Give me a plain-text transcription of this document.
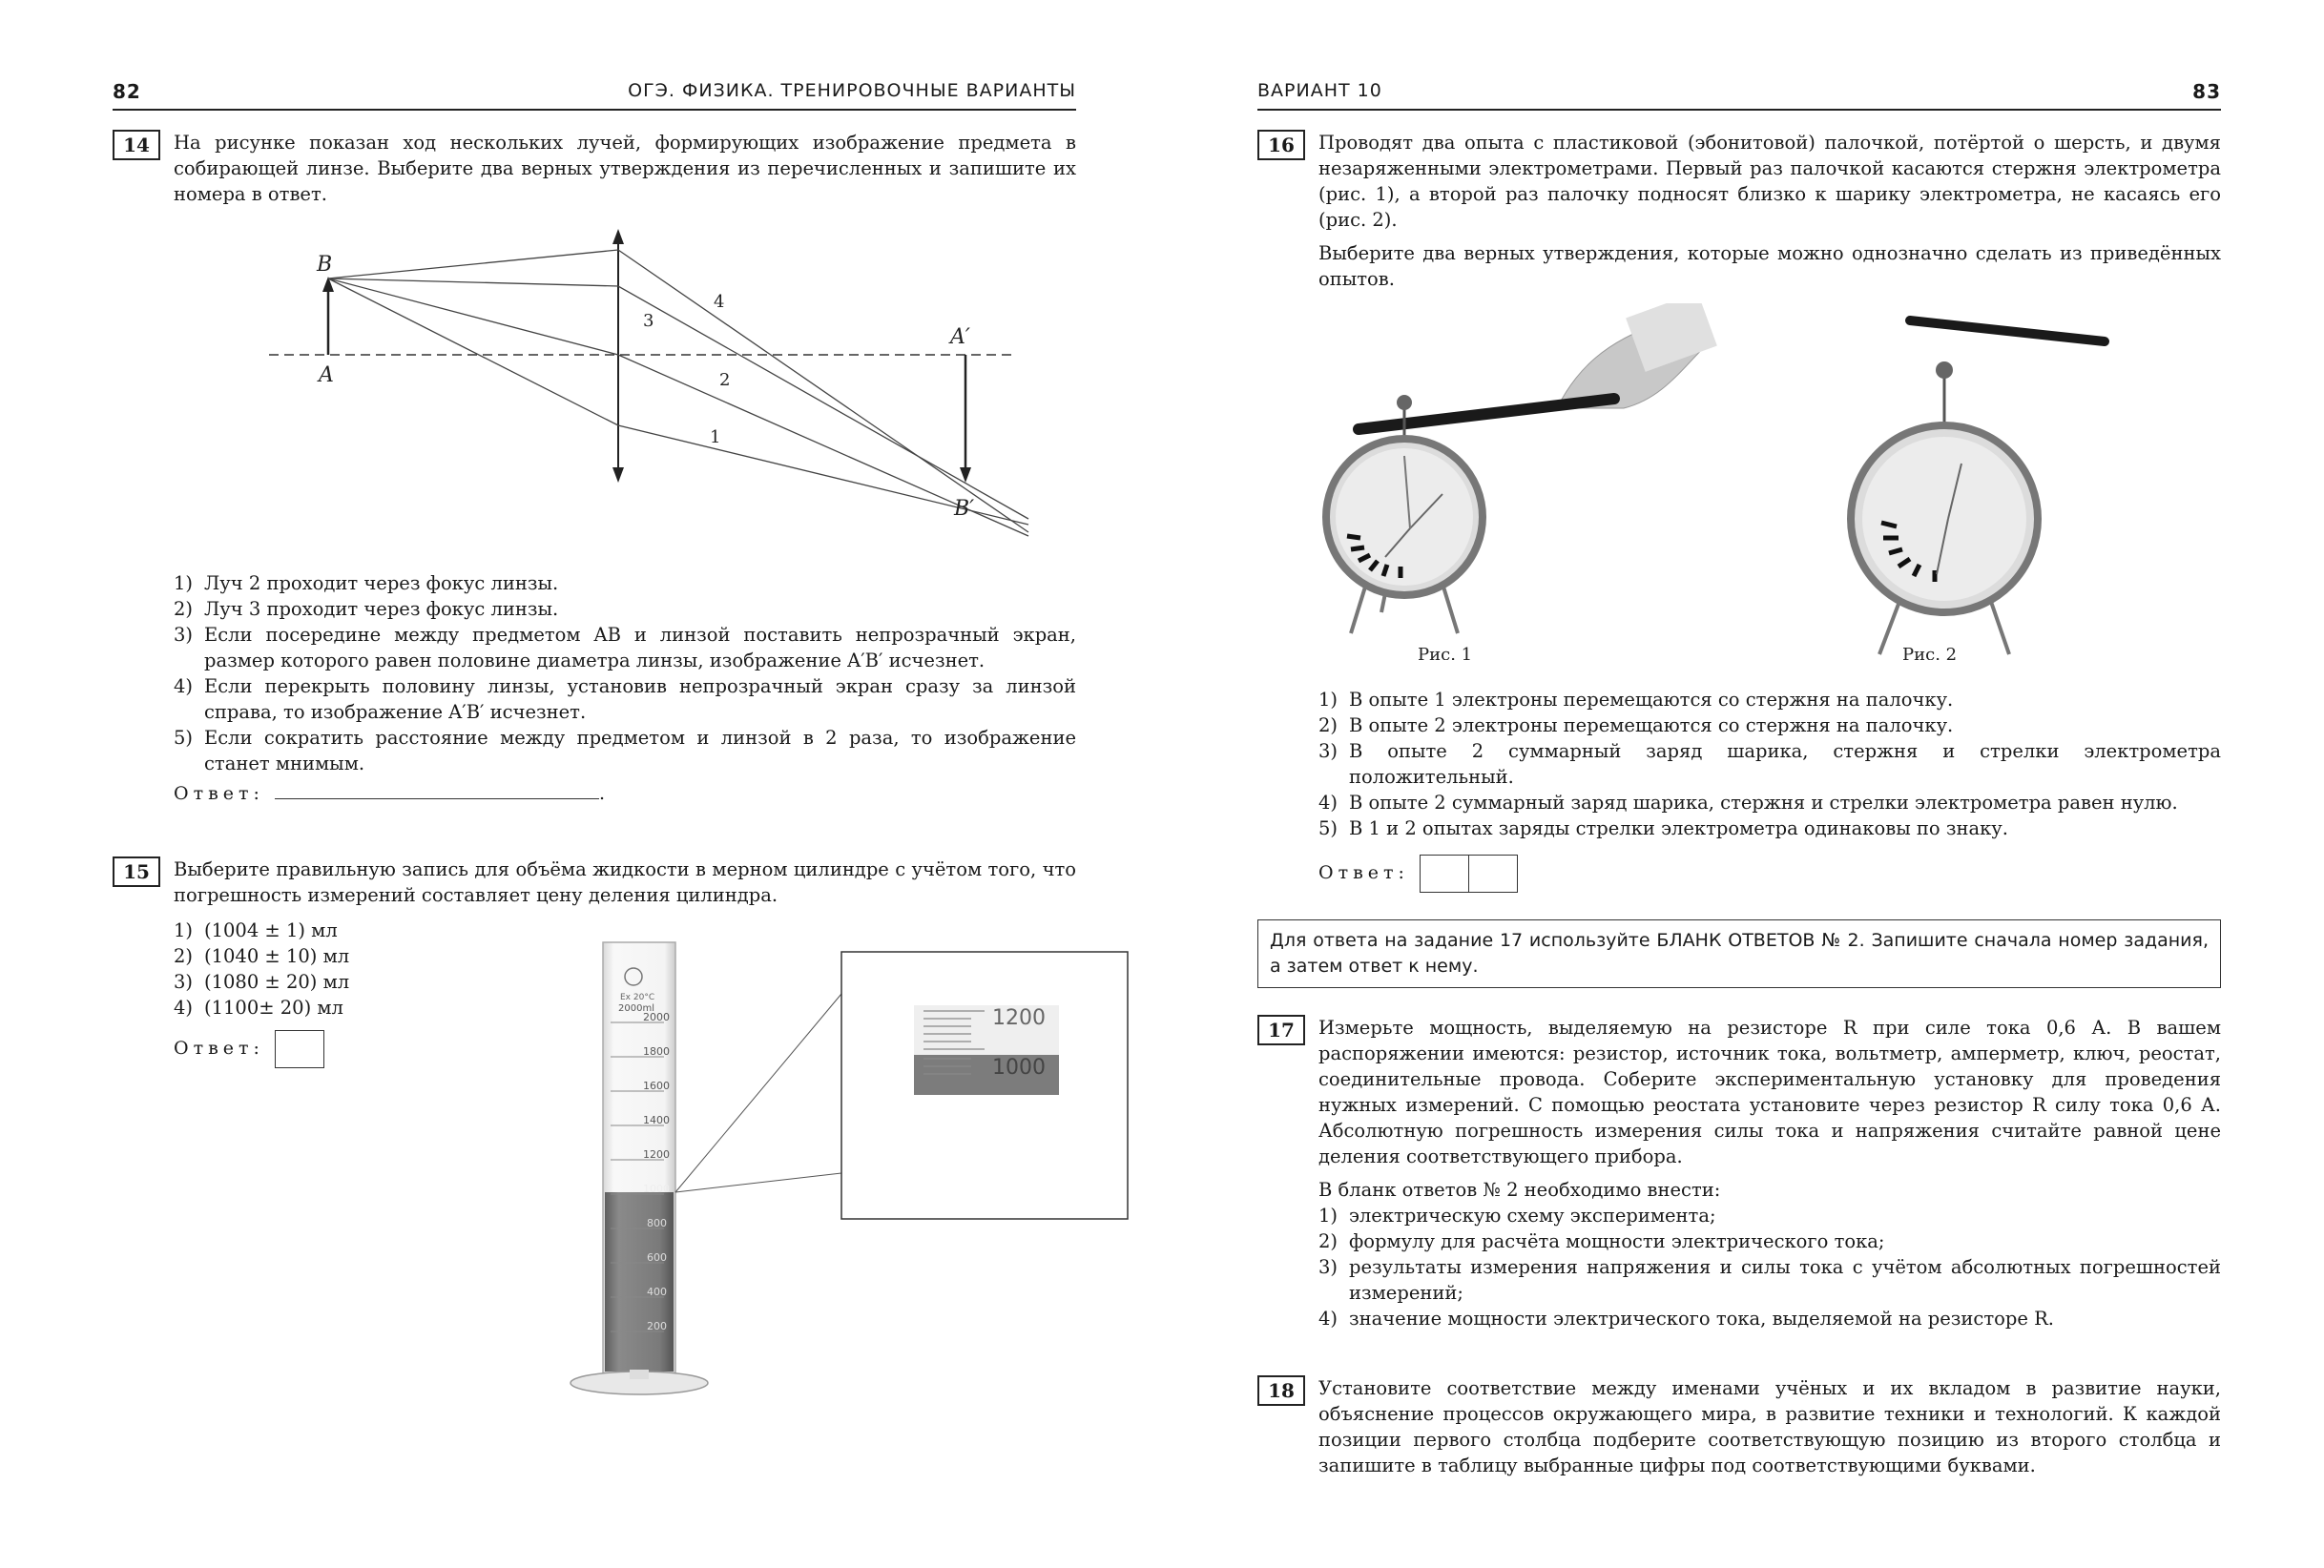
82	ОГЭ. ФИЗИКА. ТРЕНИРОВОЧНЫЕ ВАРИАНТЫ
14	На рисунке показан ход нескольких лучей, формирующих изображение предмета в собирающей линзе. Выберите два верных утверждения из перечисленных и запишите их номера в ответ.
B
A
A′
B′
4
3
2
1
1) Луч 2 проходит через фокус линзы.
2) Луч 3 проходит через фокус линзы.
3) Если посередине между предметом AB и линзой поставить непрозрачный экран, размер которого равен половине диаметра линзы, изображение A′B′ исчезнет.
4) Если перекрыть половину линзы, установив непрозрачный экран сразу за линзой справа, то изображение A′B′ исчезнет.
5) Если сократить расстояние между предметом и линзой в 2 раза, то изображение станет мнимым.
Ответ:	.
15	Выберите правильную запись для объёма жидкости в мерном цилиндре с учётом того, что погрешность измерений составляет цену деления цилиндра.
1) (1004 ± 1) мл
2) (1040 ± 10) мл
3) (1080 ± 20) мл
4) (1100± 20) мл
Ответ:
Ex 20°C
2000ml
2000
1800
1600
1400
1200
1000
800
600
400
200
1200
1000
ВАРИАНТ 10	83
16	Проводят два опыта с пластиковой (эбонитовой) палочкой, потёртой о шерсть, и двумя незаряженными электрометрами. Первый раз палочкой касаются стержня электрометра (рис. 1), а второй раз палочку подносят близко к шарику электрометра, не касаясь его (рис. 2).

Выберите два верных утверждения, которые можно однозначно сделать из приведённых опытов.

Рис. 1	Рис. 2
1) В опыте 1 электроны перемещаются со стержня на палочку.
2) В опыте 2 электроны перемещаются со стержня на палочку.
3) В опыте 2 суммарный заряд шарика, стержня и стрелки электрометра положительный.
4) В опыте 2 суммарный заряд шарика, стержня и стрелки электрометра равен нулю.
5) В 1 и 2 опытах заряды стрелки электрометра одинаковы по знаку.
Ответ:
Для ответа на задание 17 используйте БЛАНК ОТВЕТОВ № 2. Запишите сначала номер задания, а затем ответ к нему.
17	Измерьте мощность, выделяемую на резисторе R при силе тока 0,6 А. В вашем распоряжении имеются: резистор, источник тока, вольтметр, амперметр, ключ, реостат, соединительные провода. Соберите экспериментальную установку для проведения нужных измерений. С помощью реостата установите через резистор R силу тока 0,6 А. Абсолютную погрешность измерения силы тока и напряжения считайте равной цене деления соответствующего прибора.

В бланк ответов № 2 необходимо внести:

1) электрическую схему эксперимента;
2) формулу для расчёта мощности электрического тока;
3) результаты измерения напряжения и силы тока с учётом абсолютных погрешностей измерений;
4) значение мощности электрического тока, выделяемой на резисторе R.
18	Установите соответствие между именами учёных и их вкладом в развитие науки, объяснение процессов окружающего мира, в развитие техники и технологий. К каждой позиции первого столбца подберите соответствующую позицию из второго столбца и запишите в таблицу выбранные цифры под соответствующими буквами.
